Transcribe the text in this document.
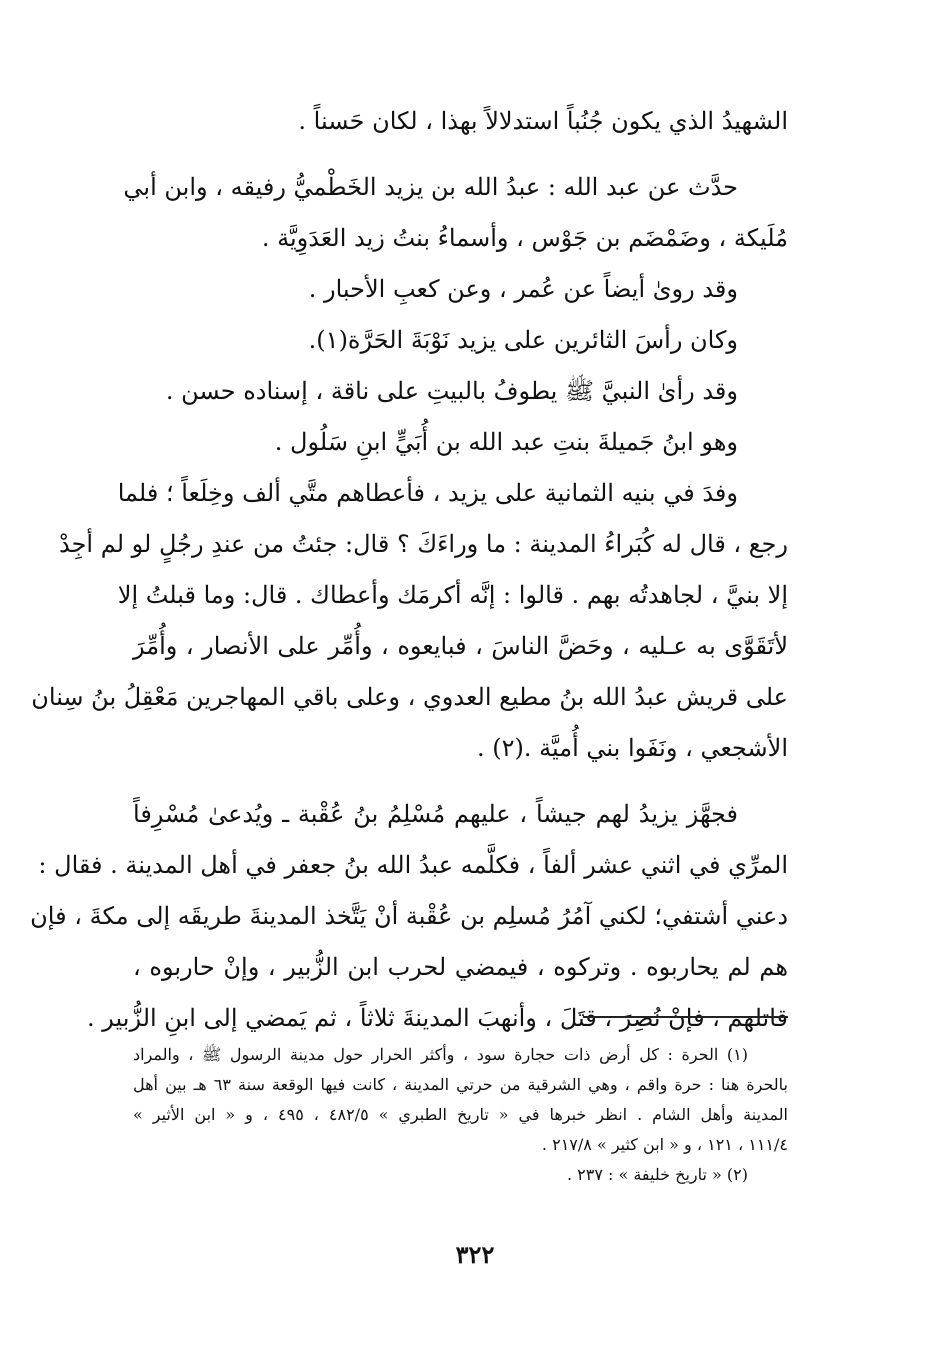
الشهيدُ الذي يكون جُنُباً استدلالاً بهذا ، لكان حَسناً .

حدَّث عن عبد الله : عبدُ الله بن يزيد الخَطْميُّ رفيقه ، وابن أبي

مُلَيكة ، وضَمْضَم بن جَوْس ، وأسماءُ بنتُ زيد العَدَوِيَّة .

وقد روىٰ أيضاً عن عُمر ، وعن كعبِ الأحبار .

وكان رأسَ الثائرين على يزيد نَوْبَةَ الحَرَّة(١).

وقد رأىٰ النبيَّ ﷺ يطوفُ بالبيتِ على ناقة ، إسناده حسن .

وهو ابنُ جَميلةَ بنتِ عبد الله بن أُبَيٍّ ابنِ سَلُول .

وفدَ في بنيه الثمانية على يزيد ، فأعطاهم متَّي ألف وخِلَعاً ؛ فلما

رجع ، قال له كُبَراءُ المدينة : ما وراءَكَ ؟ قال: جئتُ من عندِ رجُلٍ لو لم أجِدْ

إلا بنيَّ ، لجاهدتُه بهم . قالوا : إنَّه أكرمَك وأعطاك . قال: وما قبلتُ إلا

لأتَقَوَّى به عـليه ، وحَضَّ الناسَ ، فبايعوه ، وأُمِّر على الأنصار ، وأُمِّرَ

على قريش عبدُ الله بنُ مطيع العدوي ، وعلى باقي المهاجرين مَعْقِلُ بنُ سِنان

الأشجعي ، ونَفَوا بني أُميَّة .(٢) .

فجهَّز يزيدُ لهم جيشاً ، عليهم مُسْلِمُ بنُ عُقْبة ـ ويُدعىٰ مُسْرِفاً

المرِّي في اثني عشر ألفاً ، فكلَّمه عبدُ الله بنُ جعفر في أهل المدينة . فقال :

دعني أشتفي؛ لكني آمُرُ مُسلِم بن عُقْبة أنْ يَتَّخذ المدينةَ طريقَه إلى مكةَ ، فإن

هم لم يحاربوه . وتركوه ، فيمضي لحرب ابن الزُّبير ، وإنْ حاربوه ،

قاتلهم ، فإنْ نُصِرَ ، قتَلَ ، وأنهبَ المدينةَ ثلاثاً ، ثم يَمضي إلى ابنِ الزُّبير .

(١) الحرة : كل أرض ذات حجارة سود ، وأكثر الحرار حول مدينة الرسول ﷺ ، والمراد

بالحرة هنا : حرة واقم ، وهي الشرقية من حرتي المدينة ، كانت فيها الوقعة سنة ٦٣ هـ بين أهل

المدينة وأهل الشام . انظر خبرها في « تاريخ الطبري » ٤٨٢/٥ ، ٤٩٥ ، و « ابن الأثير »

١١١/٤ ، ١٢١ ، و « ابن كثير » ٢١٧/٨ .

(٢) « تاريخ خليفة » : ٢٣٧ .

٣٢٢
